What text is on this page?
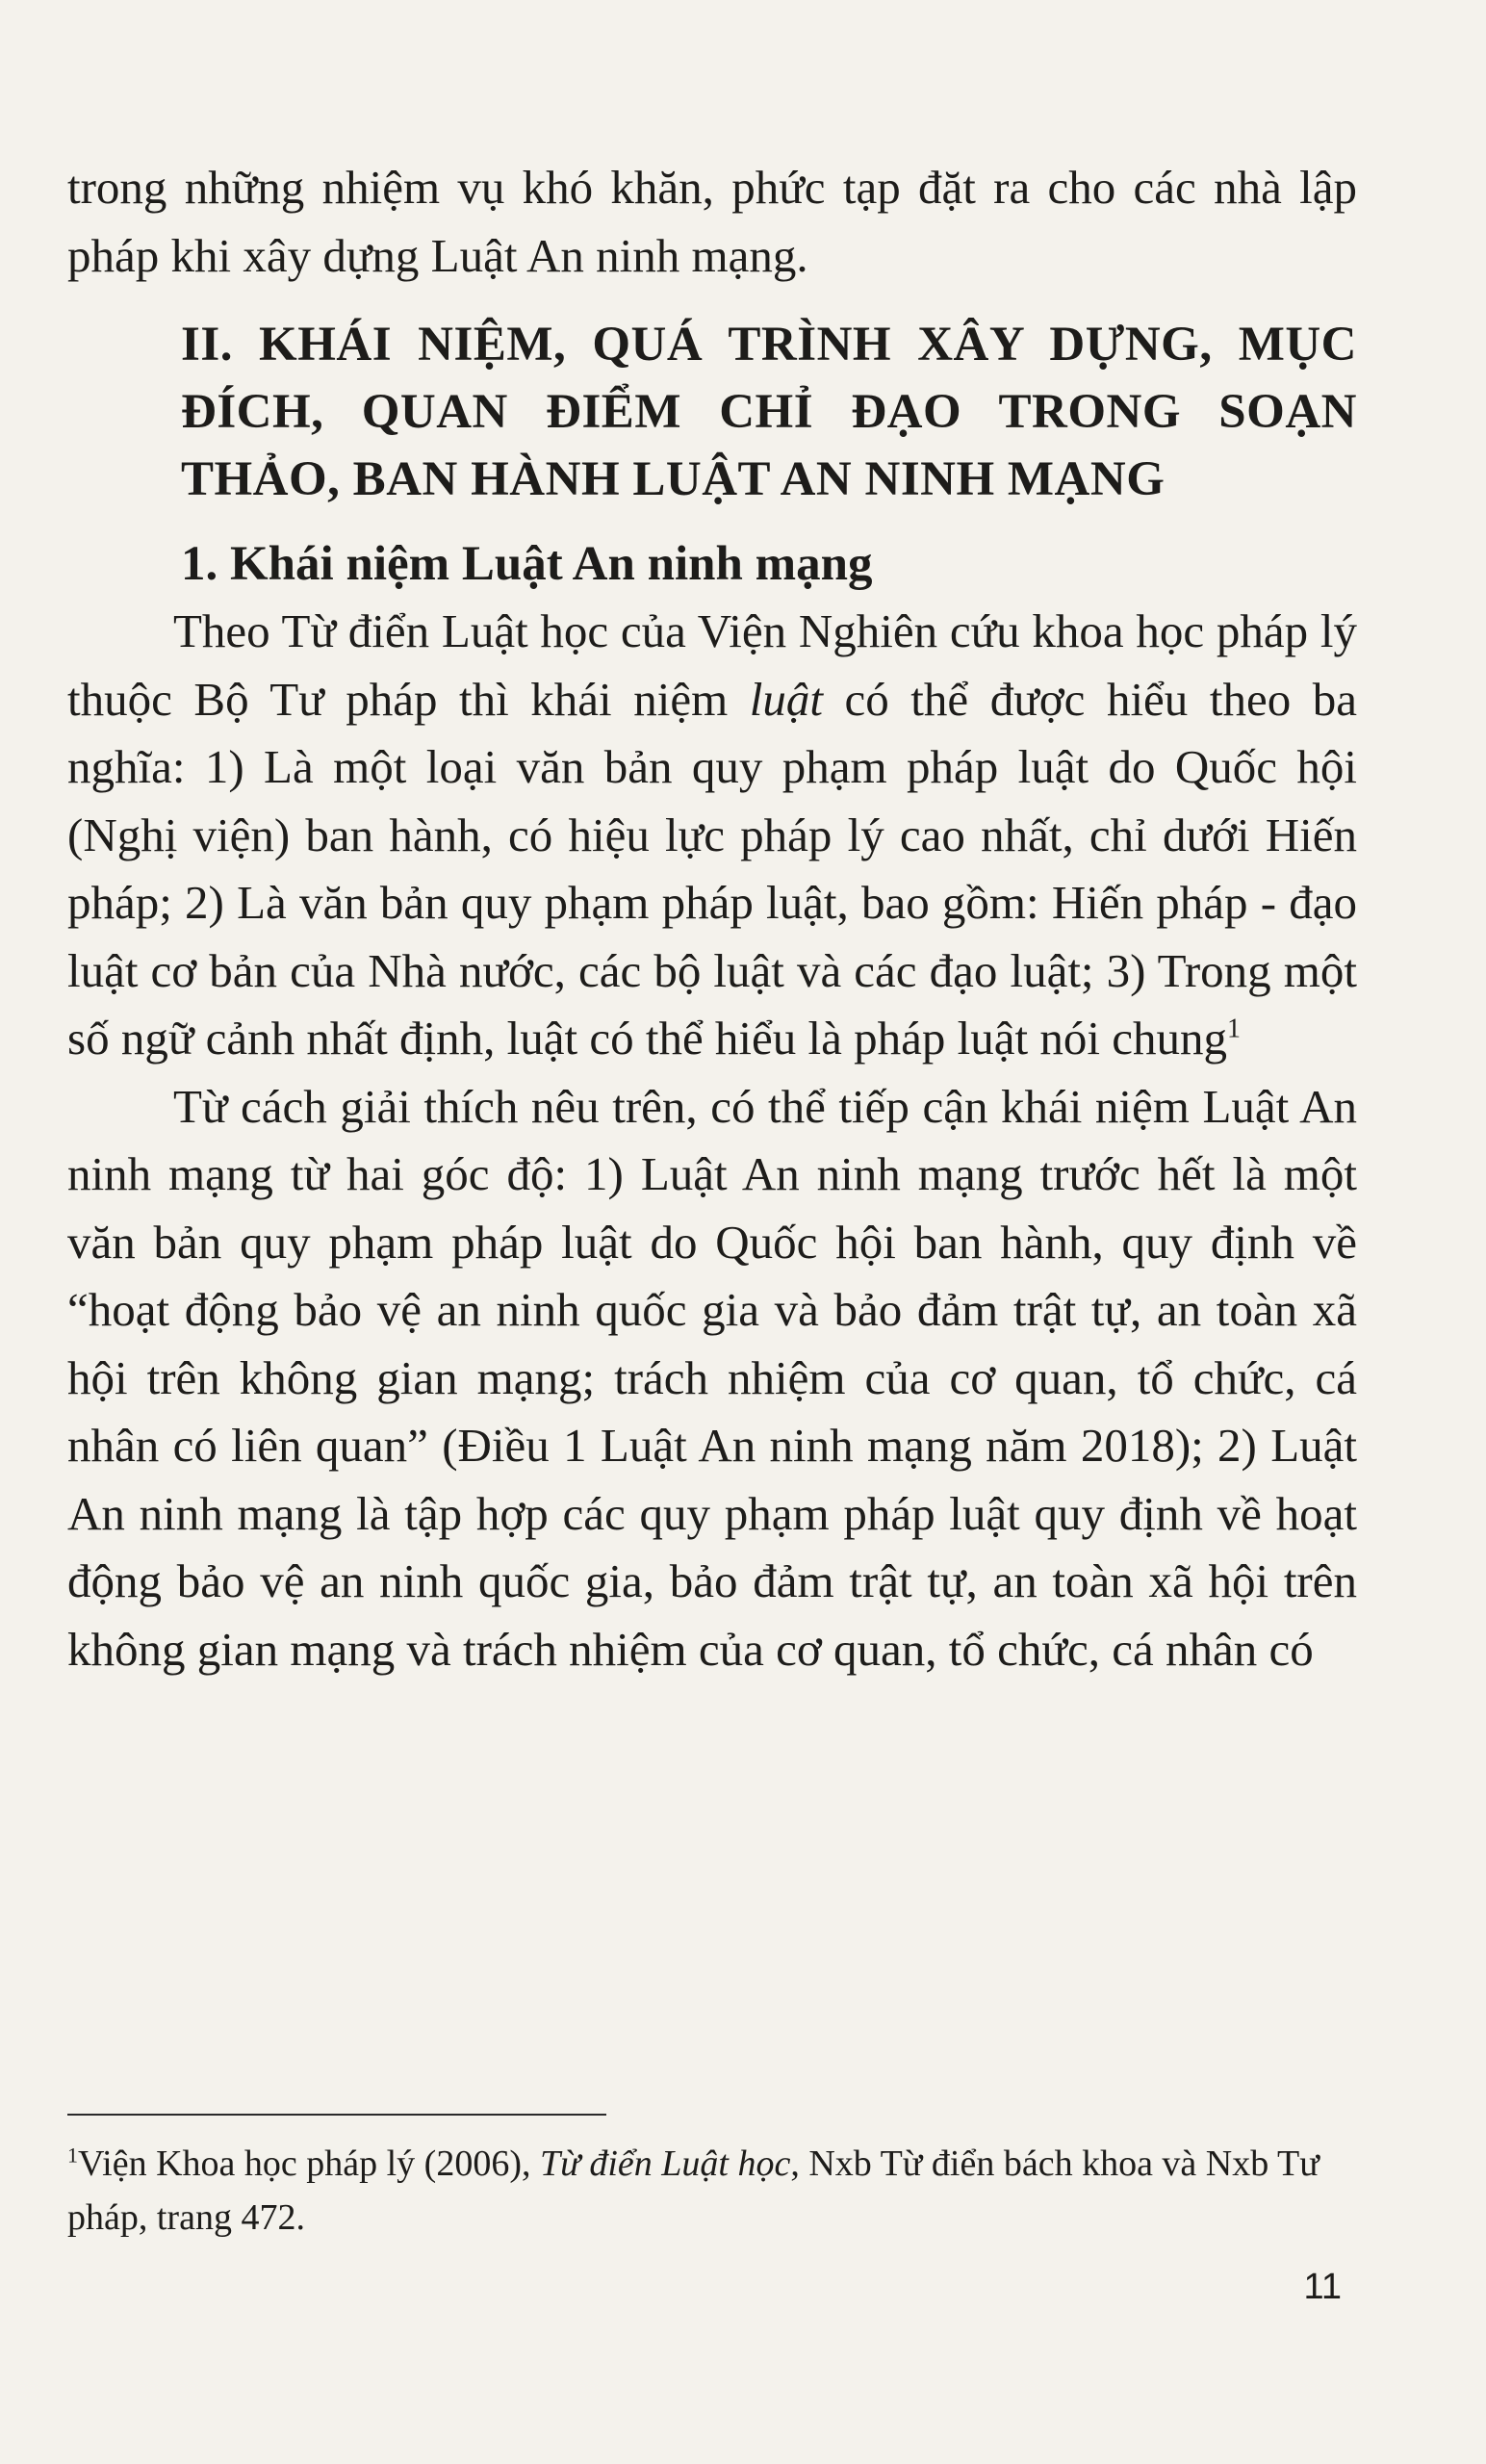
trong những nhiệm vụ khó khăn, phức tạp đặt ra cho các nhà lập pháp khi xây dựng Luật An ninh mạng.

II. KHÁI NIỆM, QUÁ TRÌNH XÂY DỰNG, MỤC ĐÍCH, QUAN ĐIỂM CHỈ ĐẠO TRONG SOẠN THẢO, BAN HÀNH LUẬT AN NINH MẠNG
1. Khái niệm Luật An ninh mạng

Theo Từ điển Luật học của Viện Nghiên cứu khoa học pháp lý thuộc Bộ Tư pháp thì khái niệm luật có thể được hiểu theo ba nghĩa: 1) Là một loại văn bản quy phạm pháp luật do Quốc hội (Nghị viện) ban hành, có hiệu lực pháp lý cao nhất, chỉ dưới Hiến pháp; 2) Là văn bản quy phạm pháp luật, bao gồm: Hiến pháp - đạo luật cơ bản của Nhà nước, các bộ luật và các đạo luật; 3) Trong một số ngữ cảnh nhất định, luật có thể hiểu là pháp luật nói chung$^1$

Từ cách giải thích nêu trên, có thể tiếp cận khái niệm Luật An ninh mạng từ hai góc độ: 1) Luật An ninh mạng trước hết là một văn bản quy phạm pháp luật do Quốc hội ban hành, quy định về “hoạt động bảo vệ an ninh quốc gia và bảo đảm trật tự, an toàn xã hội trên không gian mạng; trách nhiệm của cơ quan, tổ chức, cá nhân có liên quan” (Điều 1 Luật An ninh mạng năm 2018); 2) Luật An ninh mạng là tập hợp các quy phạm pháp luật quy định về hoạt động bảo vệ an ninh quốc gia, bảo đảm trật tự, an toàn xã hội trên không gian mạng và trách nhiệm của cơ quan, tổ chức, cá nhân có

$^1$Viện Khoa học pháp lý (2006), Từ điển Luật học, Nxb Từ điển bách khoa và Nxb Tư pháp, trang 472.

11
